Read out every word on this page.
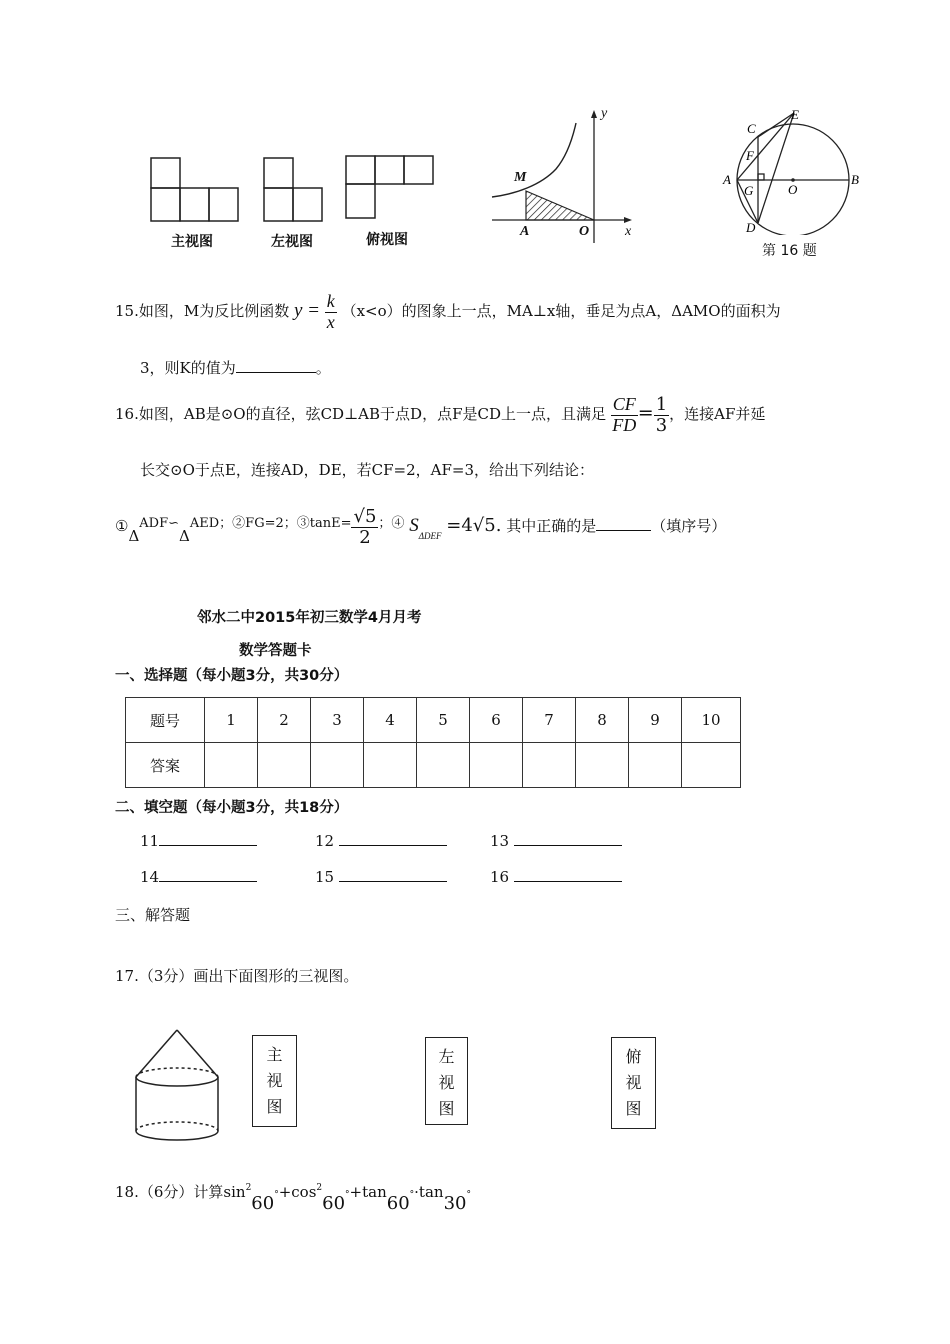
主视图	左视图	俯视图
y
x
M
A	O
C
E
F
A
G	O
B
D
第 16 题
15.如图，M为反比例函数 $y = \frac{k}{x} (x<o)$的图象上一点，MA⊥x轴，垂足为点A，ΔAMO的面积为
3，则K的值为	。
16.如图，AB是⊙O的直径，弦CD⊥AB于点D，点F是CD上一点，且满足 $\frac{CF}{FD} = \frac{1}{3}$ ，连接AF并延
长交⊙O于点E，连接AD，DE，若CF=2，AF=3，给出下列结论：
①ΔADF∽ΔAED；②FG=2；③tanE= $\frac{√5}{2}$ ；④ $S_{\Delta DEF} =4√5$. 其中正确的是	（填序号）
邻水二中2015年初三数学4月月考
数学答题卡
一、选择题（每小题3分，共30分）
题号	1	2	3	4	5	6	7	8	9	10
答案										
二、填空题（每小题3分，共18分）
11	12	13
14	15	16
三、解答题
17.（3分）画出下面图形的三视图。
主视图
左视图
俯视图
18.（6分）计算$\sin^260^\circ+\cos^260^\circ+\tan 60^\circ\cdot\tan 30^\circ$
